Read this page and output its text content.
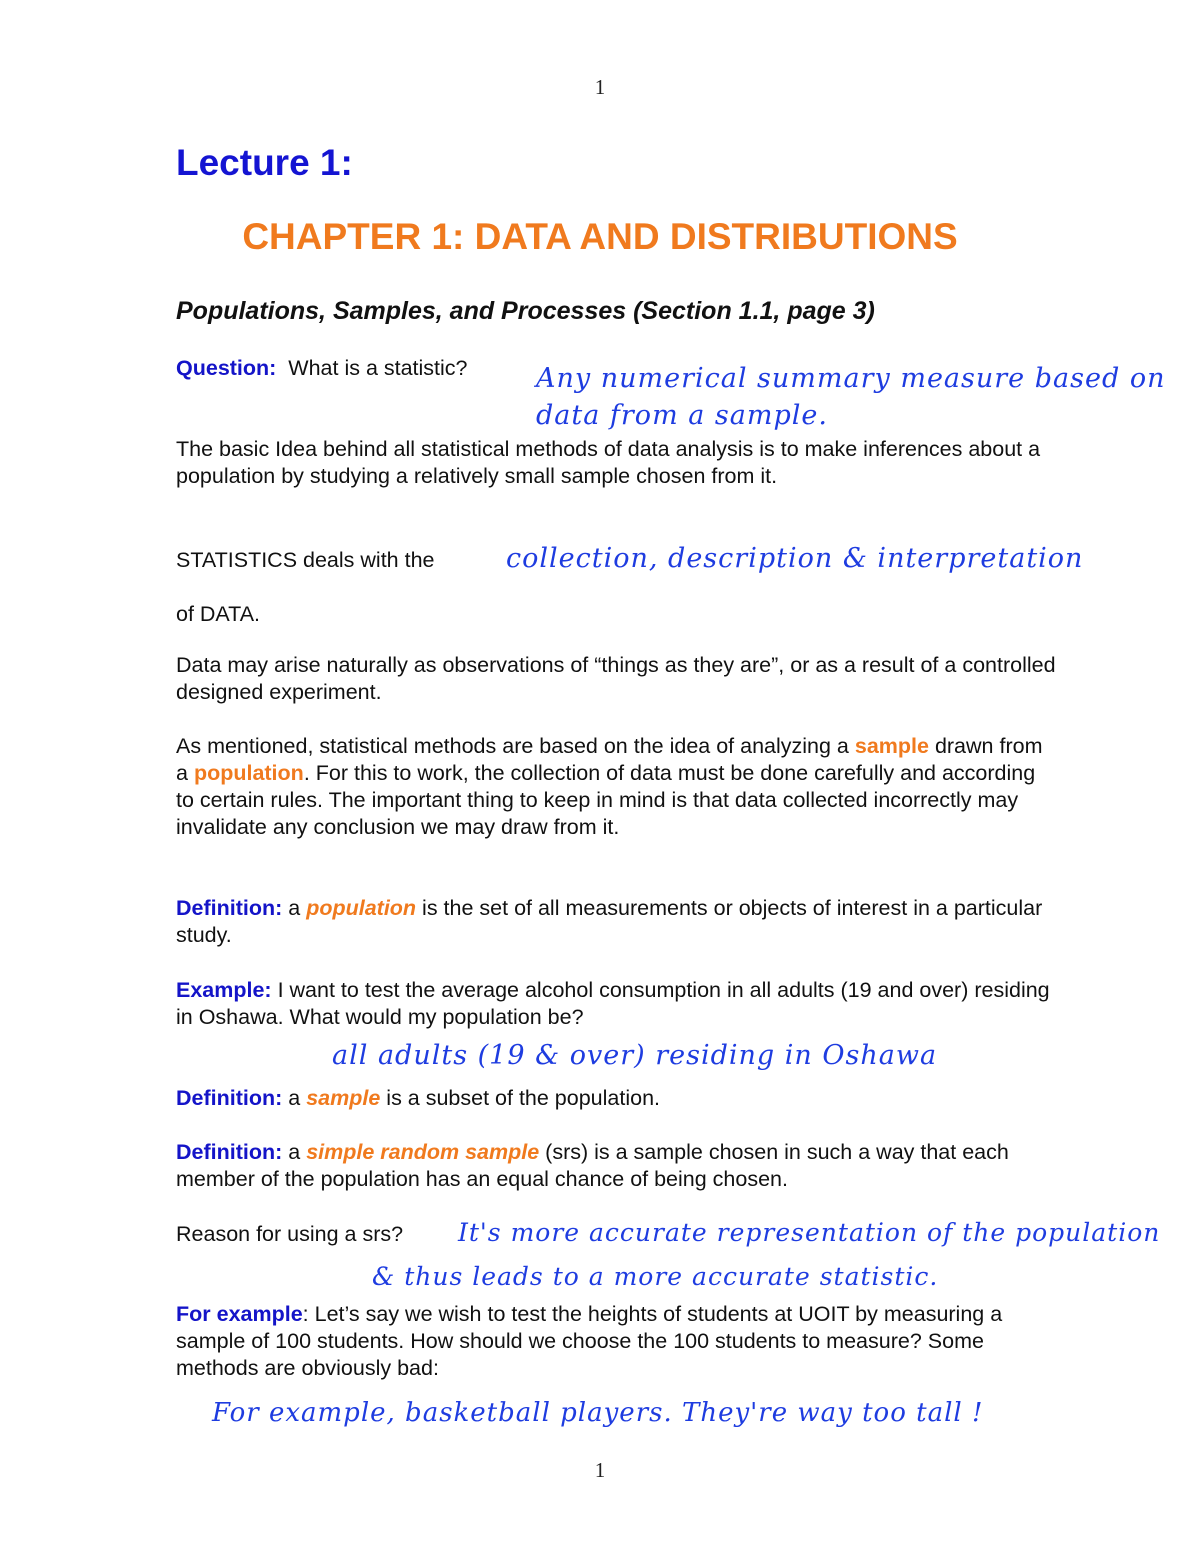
1
Lecture 1:
CHAPTER 1: DATA AND DISTRIBUTIONS
Populations, Samples, and Processes (Section 1.1, page 3)
Question: What is a statistic?	Any numerical summary measure based on
data from a sample.
The basic Idea behind all statistical methods of data analysis is to make inferences about a population by studying a relatively small sample chosen from it.
STATISTICS deals with the	collection, description & interpretation
of DATA.
Data may arise naturally as observations of “things as they are”, or as a result of a controlled designed experiment.
As mentioned, statistical methods are based on the idea of analyzing a sample drawn from a population. For this to work, the collection of data must be done carefully and according to certain rules. The important thing to keep in mind is that data collected incorrectly may invalidate any conclusion we may draw from it.
Definition: a population is the set of all measurements or objects of interest in a particular study.
Example: I want to test the average alcohol consumption in all adults (19 and over) residing in Oshawa. What would my population be?
all adults (19 & over) residing in Oshawa
Definition: a sample is a subset of the population.
Definition: a simple random sample (srs) is a sample chosen in such a way that each member of the population has an equal chance of being chosen.
Reason for using a srs?	It's more accurate representation of the population
& thus leads to a more accurate statistic.
For example: Let’s say we wish to test the heights of students at UOIT by measuring a sample of 100 students. How should we choose the 100 students to measure? Some methods are obviously bad:
For example, basketball players. They're way too tall !
1
